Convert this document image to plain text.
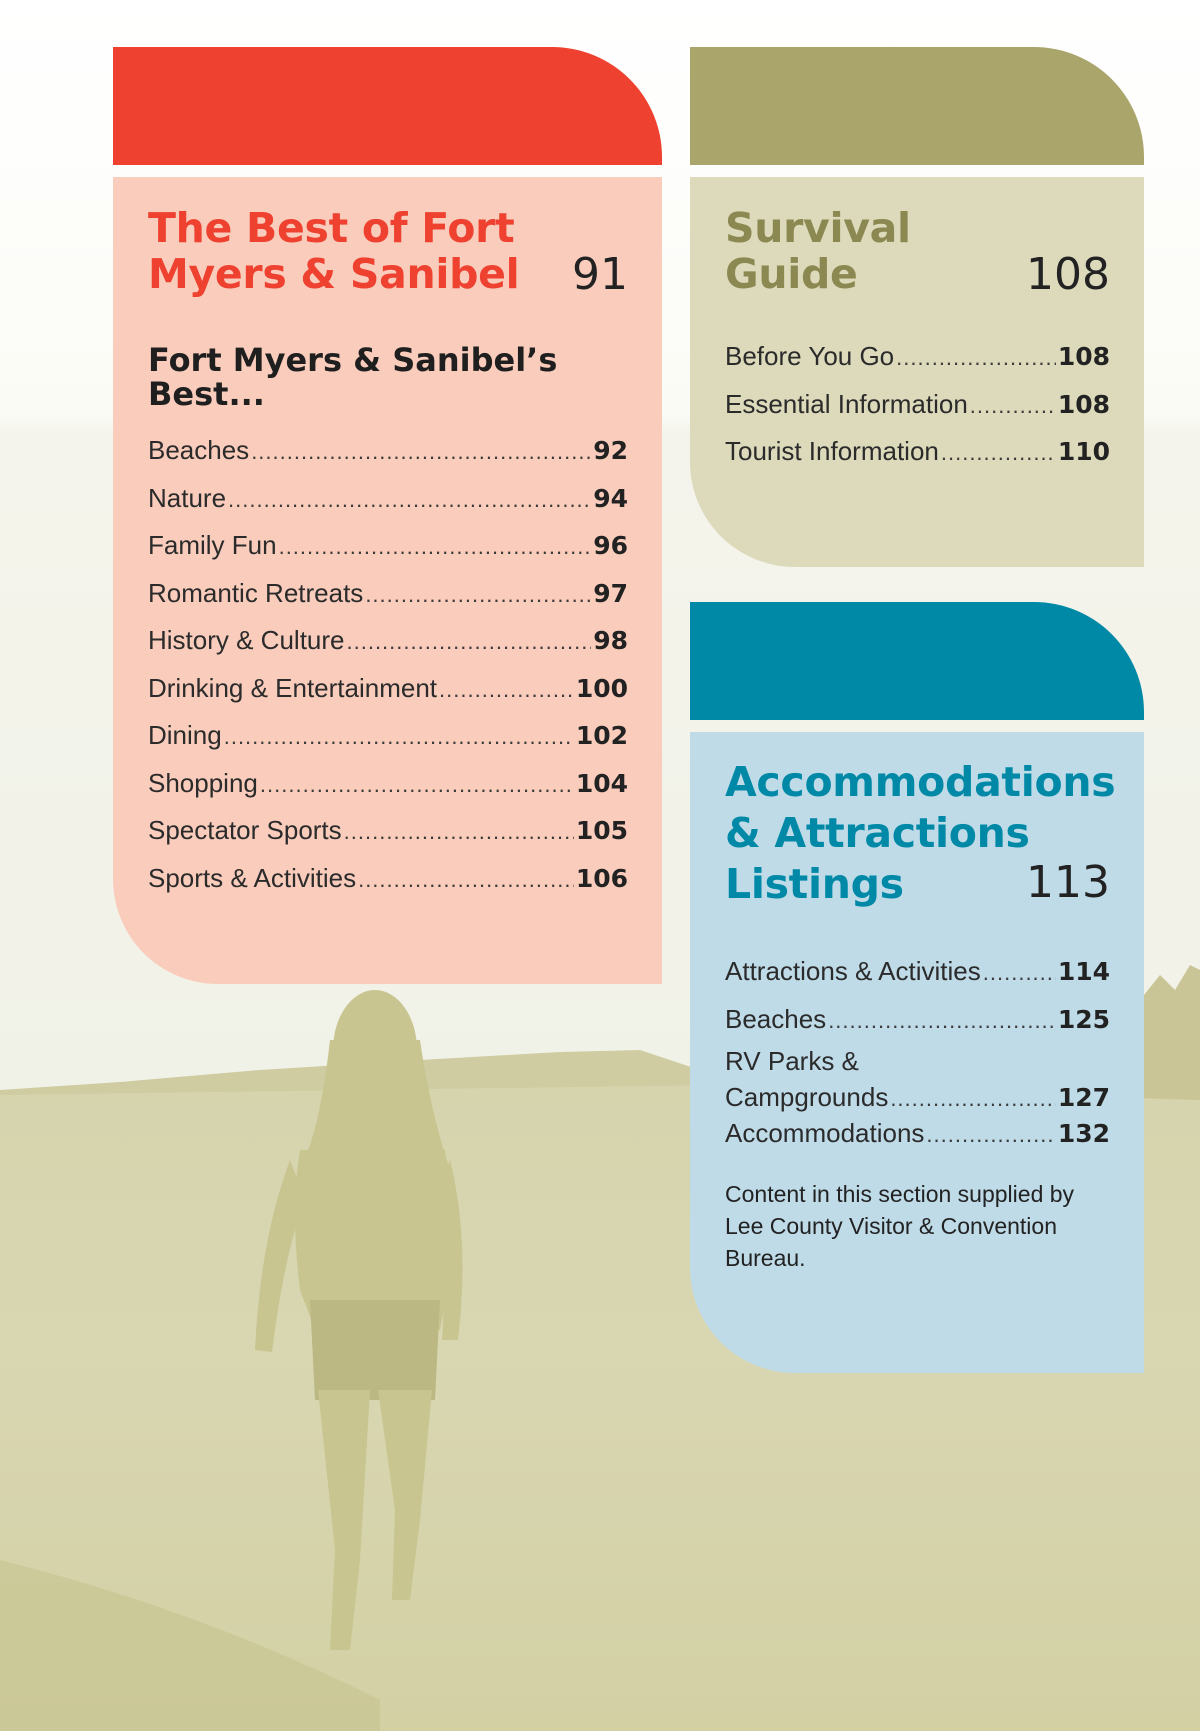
The Best of Fort
Myers & Sanibel	91
Fort Myers & Sanibel’s
Best...
Beaches .....	92
Nature .....	94
Family Fun .....	96
Romantic Retreats .....	97
History & Culture .....	98
Drinking & Entertainment .....	100
Dining .....	102
Shopping .....	104
Spectator Sports .....	105
Sports & Activities .....	106
Survival
Guide	108
Before You Go .....	108
Essential Information .....	108
Tourist Information .....	110
Accommodations
& Attractions
Listings	113
Attractions & Activities .....	114
Beaches .....	125
RV Parks &
Campgrounds .....	127
Accommodations .....	132
Content in this section supplied by Lee County Visitor & Convention Bureau.
